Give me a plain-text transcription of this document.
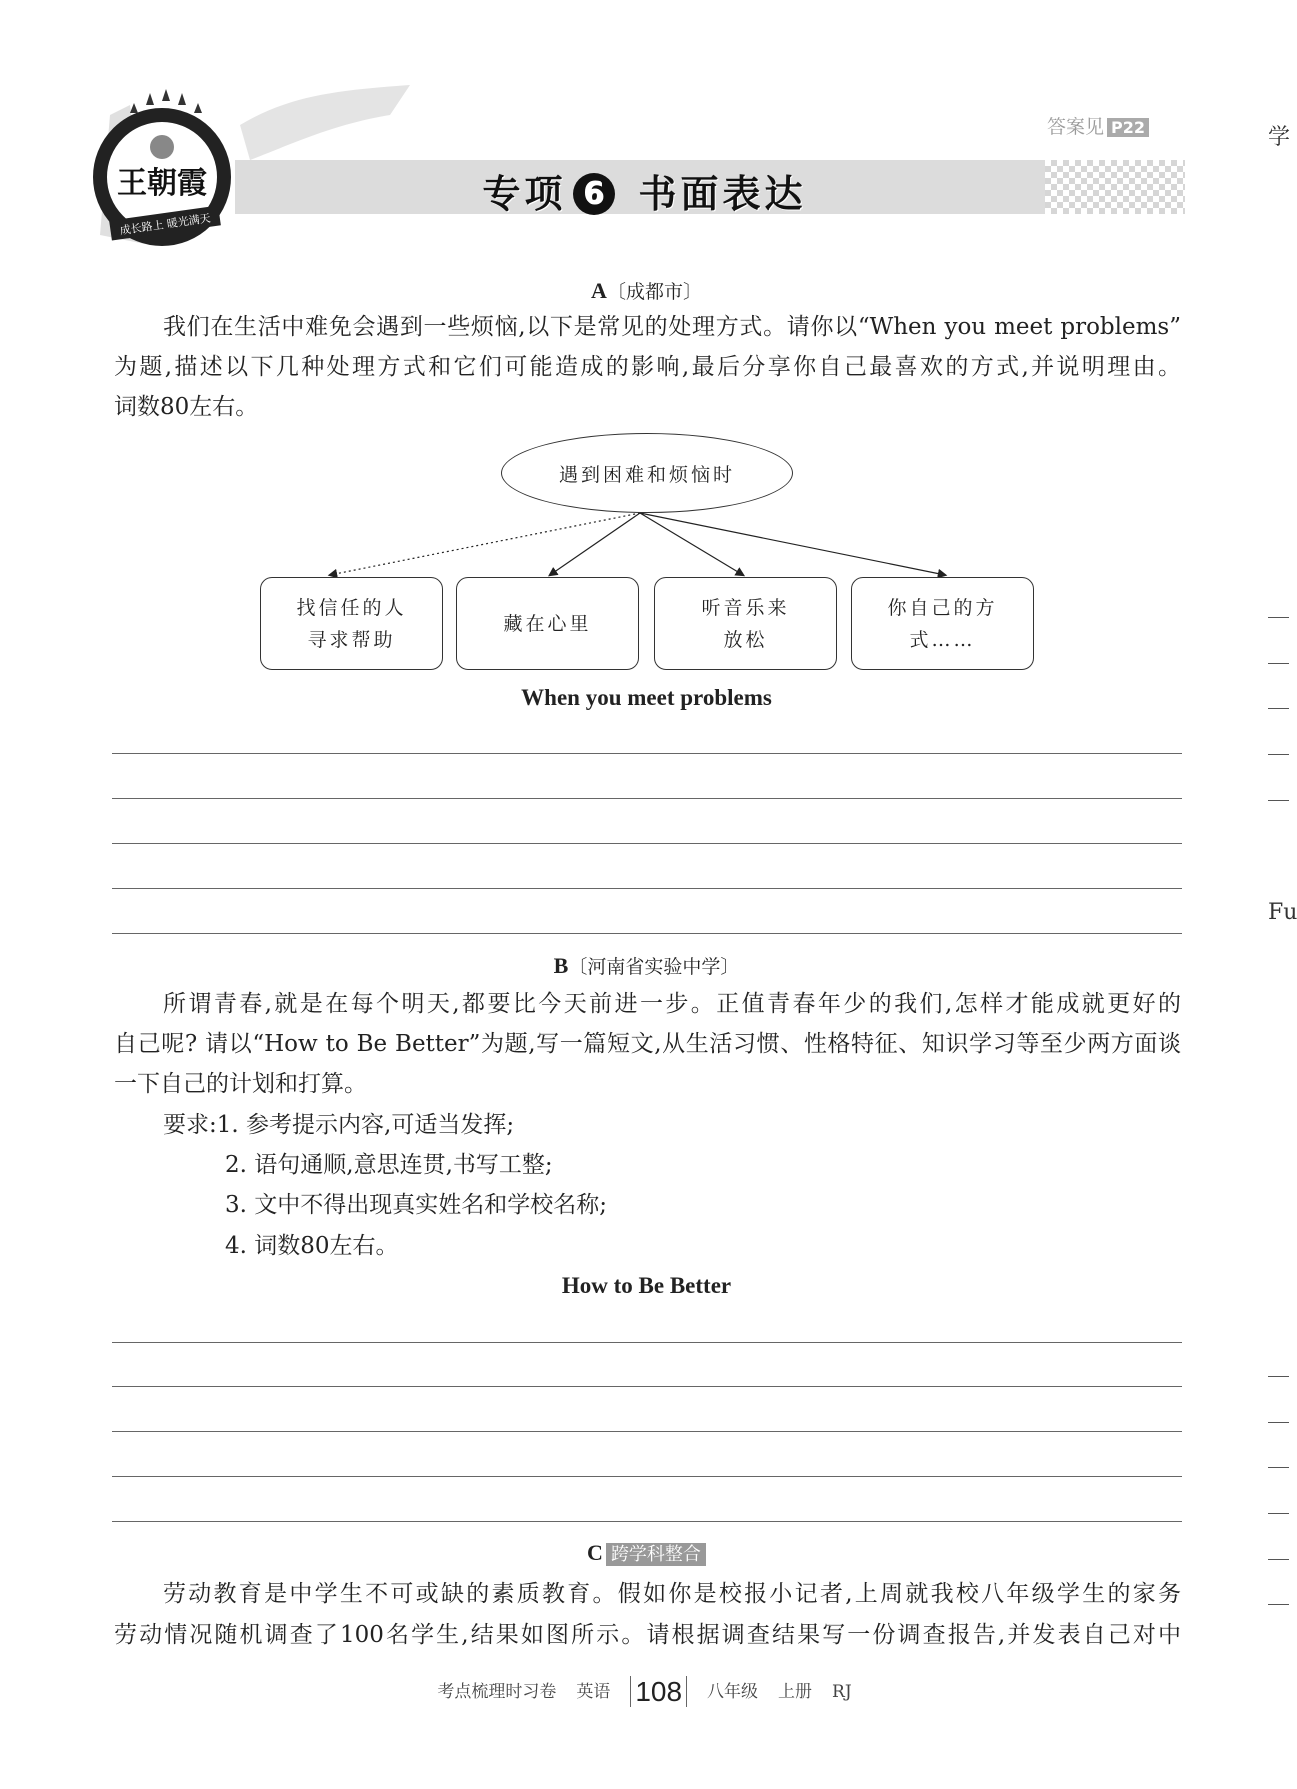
王朝霞
成长路上 暖光满天
专项 6 书面表达
答案见 P22	学
Fu
A〔成都市〕
我们在生活中难免会遇到一些烦恼,以下是常见的处理方式。请你以“When you meet problems”
为题,描述以下几种处理方式和它们可能造成的影响,最后分享你自己最喜欢的方式,并说明理由。
词数80左右。
遇到困难和烦恼时
找信任的人
寻求帮助
藏在心里
听音乐来
放松
你自己的方
式……
When you meet problems
B〔河南省实验中学〕
所谓青春,就是在每个明天,都要比今天前进一步。正值青春年少的我们,怎样才能成就更好的
自己呢? 请以“How to Be Better”为题,写一篇短文,从生活习惯、性格特征、知识学习等至少两方面谈
一下自己的计划和打算。
要求:1. 参考提示内容,可适当发挥;
2. 语句通顺,意思连贯,书写工整;
3. 文中不得出现真实姓名和学校名称;
4. 词数80左右。
How to Be Better
C 跨学科整合
劳动教育是中学生不可或缺的素质教育。假如你是校报小记者,上周就我校八年级学生的家务
劳动情况随机调查了100名学生,结果如图所示。请根据调查结果写一份调查报告,并发表自己对中
考点梳理时习卷 英语 108 八年级 上册 RJ
